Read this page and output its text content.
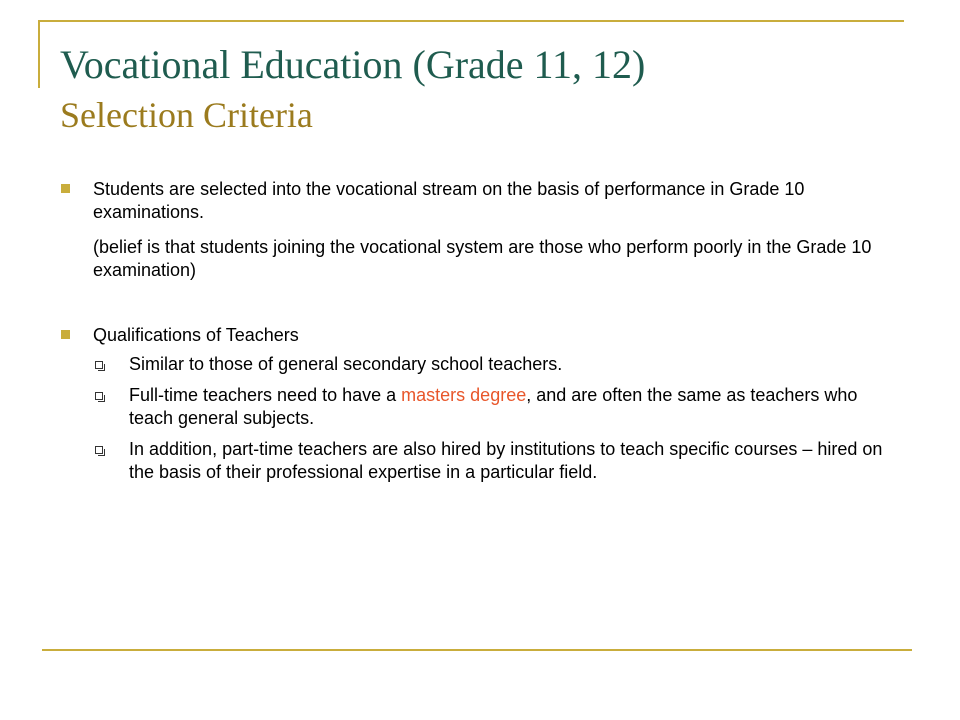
Vocational Education (Grade 11, 12)
Selection Criteria

Students are selected into the vocational stream on the basis of performance in Grade 10 examinations.

(belief is that students joining the vocational system are those who perform poorly in the Grade 10 examination)

Qualifications of Teachers

Similar to those of general secondary school teachers.

Full-time teachers need to have a masters degree, and are often the same as teachers who teach general subjects.

In addition, part-time teachers are also hired by institutions to teach specific courses – hired on the basis of their professional expertise in a particular field.
